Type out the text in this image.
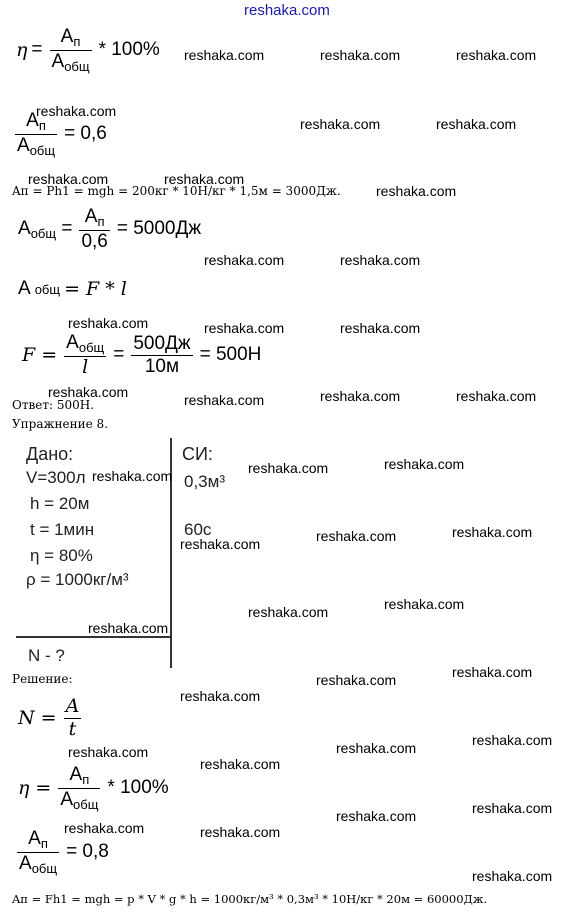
reshaka.com
$\eta = \frac{А_п}{А_{общ}} * 100\%$
$\frac{А_п}{А_{общ}} = 0,6$
Aп = Ph1 = mgh = 200кг * 10Н/кг * 1,5м = 3000Дж.
$А_{общ} = \frac{А_п}{0,6} = 5000Дж$
А общ = F * l
$F = \frac{А_{общ}}{l} = \frac{500Дж}{10м} = 500Н$
Ответ: 500Н.
Упражнение 8.
Дано:
V=300л
h = 20м
t = 1мин
η = 80%
ρ = 1000кг/м³
N - ?
СИ:
0,3м³
60с
Решение:
$N = \frac{A}{t}$
$\eta = \frac{А_п}{А_{общ}} * 100\%$
$\frac{А_п}{А_{общ}} = 0,8$
Aп = Fh1 = mgh = p * V * g * h = 1000кг/м³ * 0,3м³ * 10Н/кг * 20м = 60000Дж.
reshaka.com	reshaka.com	reshaka.com
reshaka.com
reshaka.com	reshaka.com
reshaka.com	reshaka.com
reshaka.com
reshaka.com	reshaka.com
reshaka.com	reshaka.com	reshaka.com
reshaka.com	reshaka.com	reshaka.com	reshaka.com
reshaka.com	reshaka.com	reshaka.com
reshaka.com
reshaka.com	reshaka.com
reshaka.com	reshaka.com
reshaka.com
reshaka.com
reshaka.com
reshaka.com
reshaka.com
reshaka.com
reshaka.com
reshaka.com
reshaka.com
reshaka.com
reshaka.com	reshaka.com
reshaka.com
